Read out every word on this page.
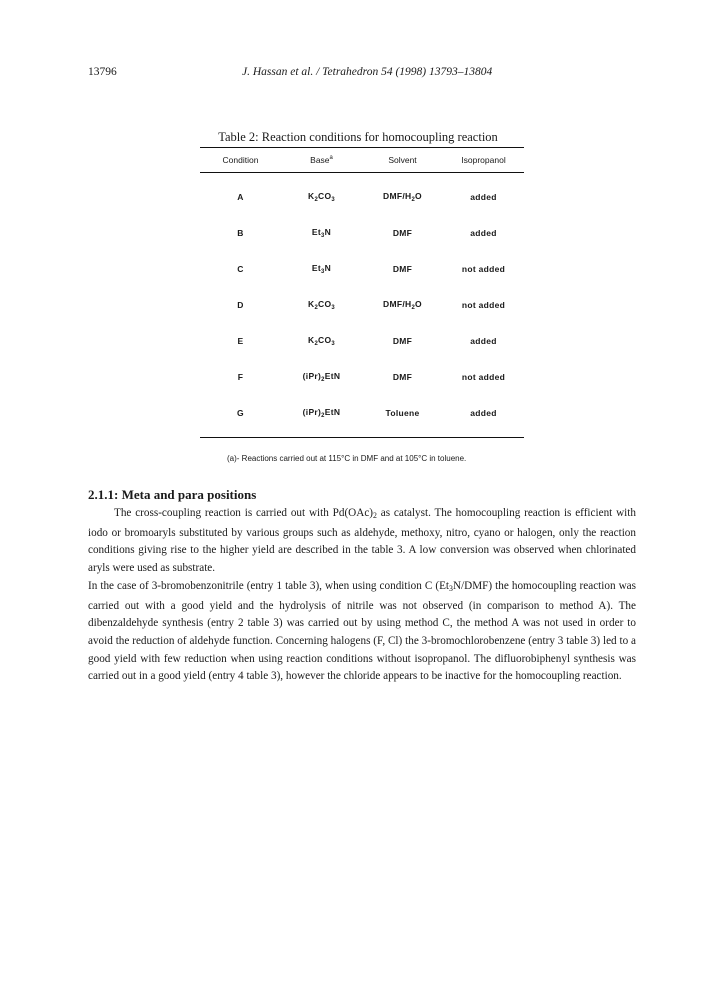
13796	J. Hassan et al. / Tetrahedron 54 (1998) 13793–13804
Table 2: Reaction conditions for homocoupling reaction
Condition	Base$^a$	Solvent	Isopropanol

A	$K_2CO_3$	DMF/$H_2O$	added
B	$Et_3N$	DMF	added
C	$Et_3N$	DMF	not added
D	$K_2CO_3$	DMF/$H_2O$	not added
E	$K_2CO_3$	DMF	added
F	$(iPr)_2EtN$	DMF	not added
G	$(iPr)_2EtN$	Toluene	added
(a)- Reactions carried out at 115°C in DMF and at 105°C in toluene.
2.1.1: Meta and para positions

The cross-coupling reaction is carried out with $Pd(OAc)_2$ as catalyst. The homocoupling reaction is efficient with iodo or bromoaryls substituted by various groups such as aldehyde, methoxy, nitro, cyano or halogen, only the reaction conditions giving rise to the higher yield are described in the table 3. A low conversion was observed when chlorinated aryls were used as substrate.

In the case of 3-bromobenzonitrile (entry 1 table 3), when using condition C $(Et_3N/DMF)$ the homocoupling reaction was carried out with a good yield and the hydrolysis of nitrile was not observed (in comparison to method A). The dibenzaldehyde synthesis (entry 2 table 3) was carried out by using method C, the method A was not used in order to avoid the reduction of aldehyde function. Concerning halogens (F, Cl) the 3-bromochlorobenzene (entry 3 table 3) led to a good yield with few reduction when using reaction conditions without isopropanol. The difluorobiphenyl synthesis was carried out in a good yield (entry 4 table 3), however the chloride appears to be inactive for the homocoupling reaction.
